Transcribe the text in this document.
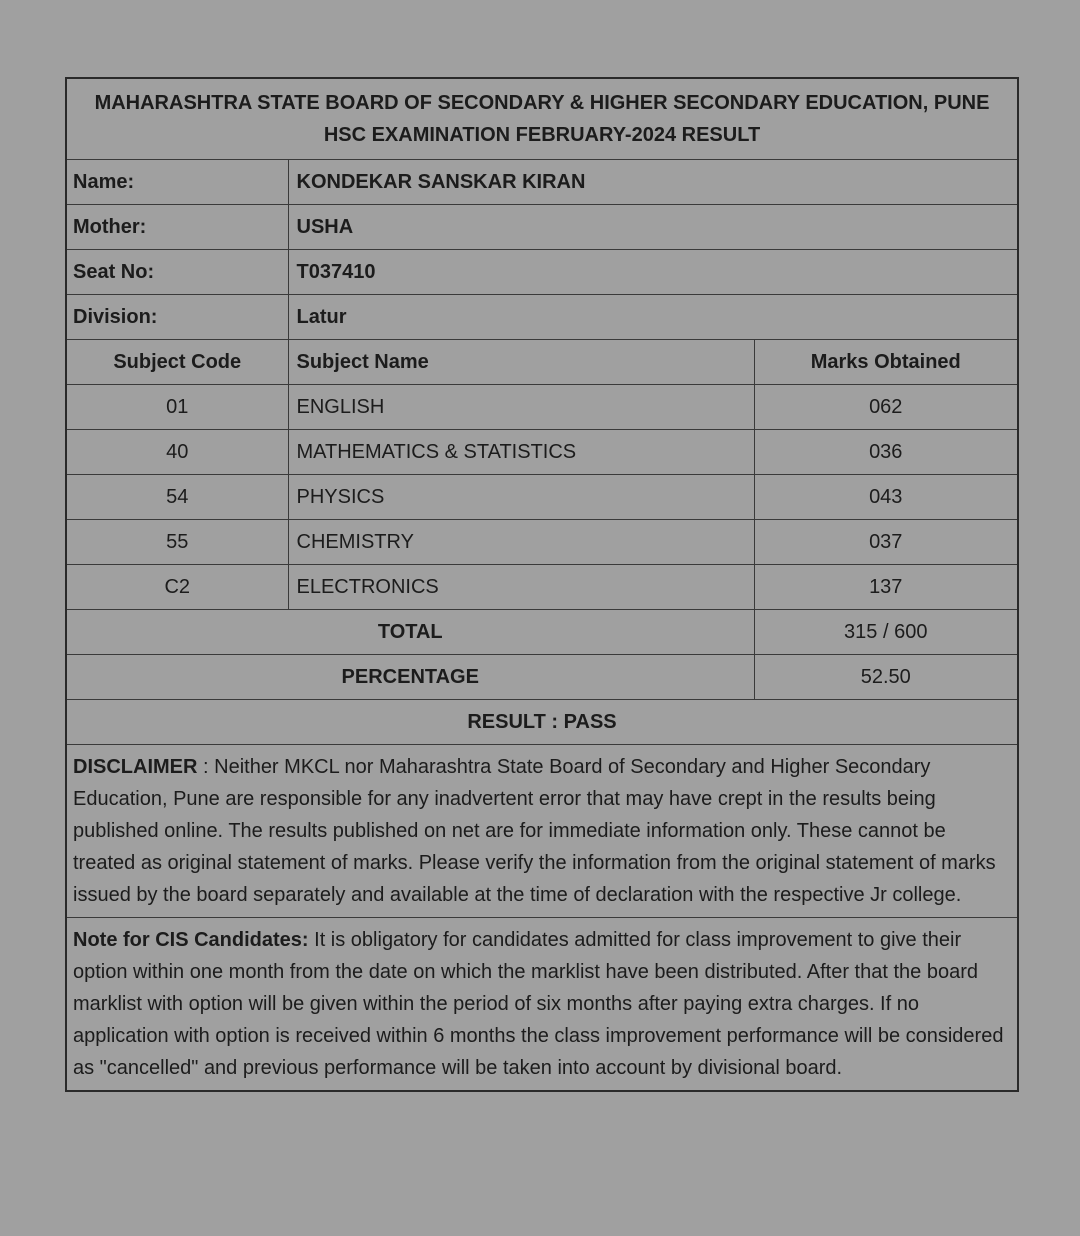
MAHARASHTRA STATE BOARD OF SECONDARY & HIGHER SECONDARY EDUCATION, PUNE
HSC EXAMINATION FEBRUARY-2024 RESULT		

Name:	KONDEKAR SANSKAR KIRAN	
Mother:	USHA	
Seat No:	T037410	
Division:	Latur	
Subject Code	Subject Name	Marks Obtained
01	ENGLISH	062
40	MATHEMATICS & STATISTICS	036
54	PHYSICS	043
55	CHEMISTRY	037
C2	ELECTRONICS	137
TOTAL		315 / 600
PERCENTAGE		52.50
RESULT : PASS		
DISCLAIMER : Neither MKCL nor Maharashtra State Board of Secondary and Higher Secondary Education, Pune are responsible for any inadvertent error that may have crept in the results being published online. The results published on net are for immediate information only. These cannot be treated as original statement of marks. Please verify the information from the original statement of marks issued by the board separately and available at the time of declaration with the respective Jr college.		
Note for CIS Candidates: It is obligatory for candidates admitted for class improvement to give their option within one month from the date on which the marklist have been distributed. After that the board marklist with option will be given within the period of six months after paying extra charges. If no application with option is received within 6 months the class improvement performance will be considered as "cancelled" and previous performance will be taken into account by divisional board.		
